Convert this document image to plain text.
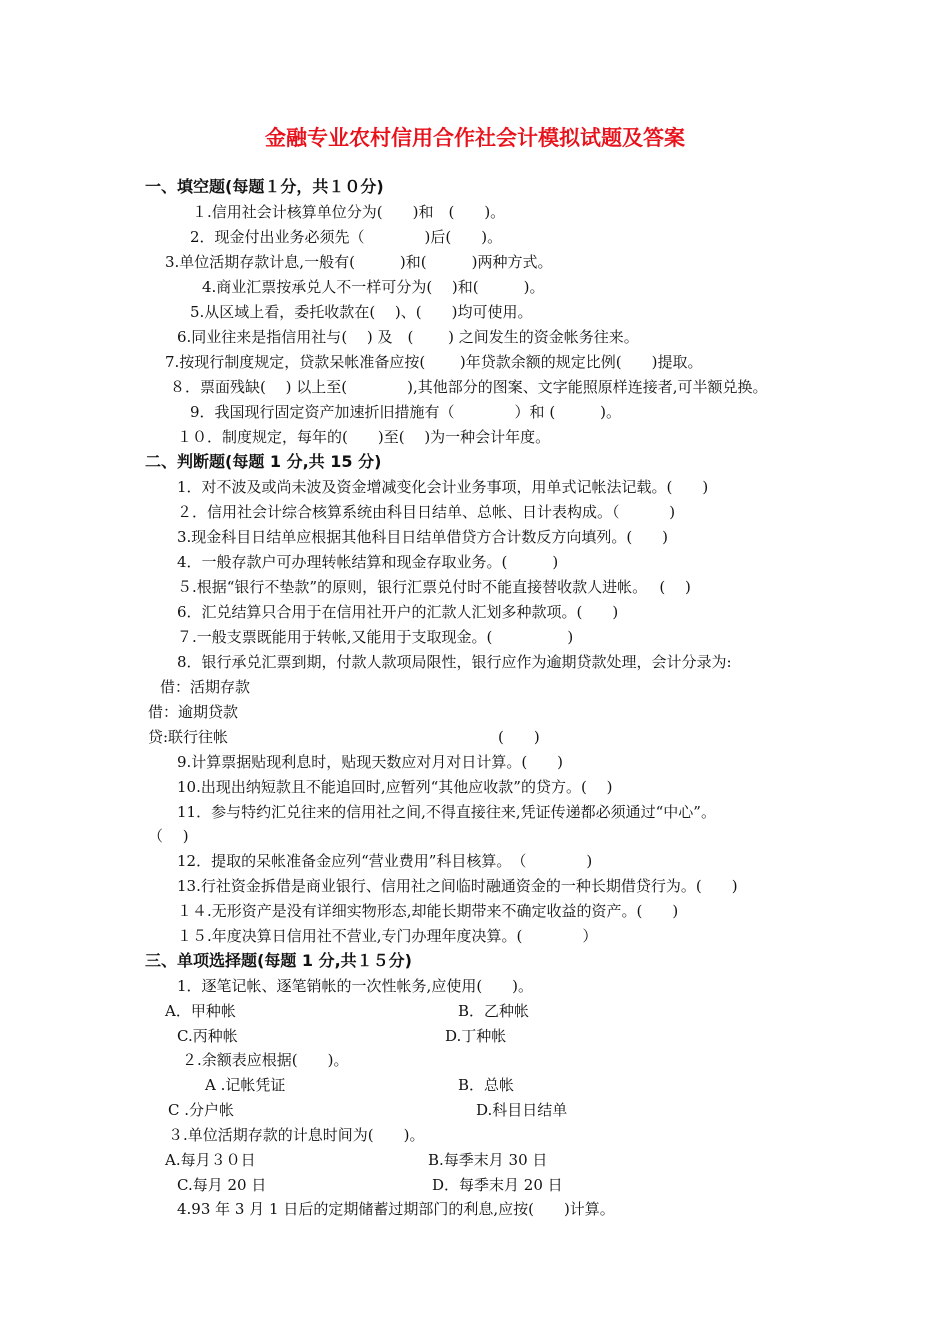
金融专业农村信用合作社会计模拟试题及答案
一、填空题(每题１分，共１０分)
１.信用社会计核算单位分为(　　)和　(　　)。
2．现金付出业务必须先（　　　　)后(　　)。
3.单位活期存款计息,一般有(　　　)和(　　　)两种方式。
4.商业汇票按承兑人不一样可分为(　 )和(　　　)。
5.从区域上看，委托收款在(　 )、(　　)均可使用。
6.同业往来是指信用社与(　 ) 及　(　　 ) 之间发生的资金帐务往来。
7.按现行制度规定，贷款呆帐准备应按(　　 )年贷款余额的规定比例(　　)提取。
８．票面残缺(　 ) 以上至(　　　　),其他部分的图案、文字能照原样连接者,可半额兑换。
9．我国现行固定资产加速折旧措施有（　　　　）和 (　　　)。
１０．制度规定，每年的(　　)至(　 )为一种会计年度。
二、判断题(每题 1 分,共 15 分)
1．对不波及或尚未波及资金增减变化会计业务事项，用单式记帐法记载。(　　)
２．信用社会计综合核算系统由科目日结单、总帐、日计表构成。（　　　 )
3.现金科目日结单应根据其他科目日结单借贷方合计数反方向填列。(　　)
4．一般存款户可办理转帐结算和现金存取业务。(　　　)
５.根据“银行不垫款”的原则，银行汇票兑付时不能直接替收款人进帐。　 (　 )
6．汇兑结算只合用于在信用社开户的汇款人汇划多种款项。(　　)
７.一般支票既能用于转帐,又能用于支取现金。(　　　　　)
8．银行承兑汇票到期，付款人款项局限性，银行应作为逾期贷款处理，会计分录为:
借：活期存款
借：逾期贷款
贷:联行往帐　　　　　　　　　　　　　　　　　　(　　)
9.计算票据贴现利息时，贴现天数应对月对日计算。(　　)
10.出现出纳短款且不能追回时,应暂列“其他应收款”的贷方。(　 )
11．参与特约汇兑往来的信用社之间,不得直接往来,凭证传递都必须通过“中心”。
（　 )
12．提取的呆帐准备金应列“营业费用”科目核算。　（　　　　)
13.行社资金拆借是商业银行、信用社之间临时融通资金的一种长期借贷行为。(　　)
１４.无形资产是没有详细实物形态,却能长期带来不确定收益的资产。(　　)
１５.年度决算日信用社不营业,专门办理年度决算。(　　　　）
三、单项选择题(每题 1 分,共１５分)
1．逐笔记帐、逐笔销帐的一次性帐务,应使用(　　)。
A．甲种帐	B．乙种帐
C.丙种帐	D.丁种帐
２.余额表应根据(　　)。
A .记帐凭证	B．总帐
C .分户帐	D.科目日结单
３.单位活期存款的计息时间为(　　)。
A.每月３０日	B.每季末月 30 日
C.每月 20 日	D．每季末月 20 日
4.93 年 3 月 1 日后的定期储蓄过期部门的利息,应按(　　)计算。
